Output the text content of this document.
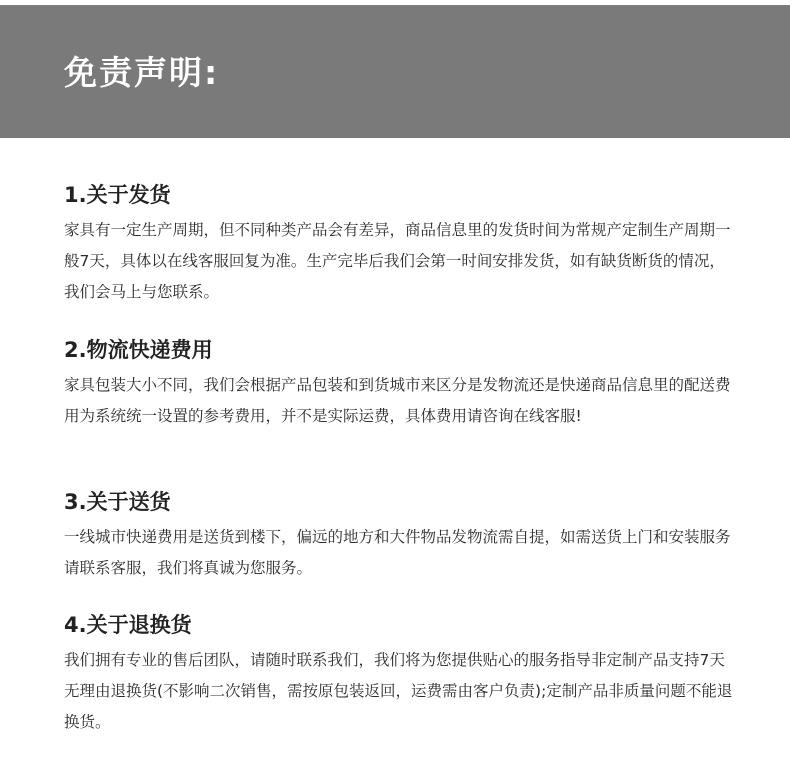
免责声明:
1.关于发货

家具有一定生产周期，但不同种类产品会有差异，商品信息里的发货时间为常规产定制生产周期一般7天，具体以在线客服回复为准。生产完毕后我们会第一时间安排发货，如有缺货断货的情况，我们会马上与您联系。

2.物流快递费用

家具包装大小不同，我们会根据产品包装和到货城市来区分是发物流还是快递商品信息里的配送费用为系统统一设置的参考费用，并不是实际运费，具体费用请咨询在线客服!

3.关于送货

一线城市快递费用是送货到楼下，偏远的地方和大件物品发物流需自提，如需送货上门和安装服务请联系客服，我们将真诚为您服务。

4.关于退换货

我们拥有专业的售后团队，请随时联系我们，我们将为您提供贴心的服务指导非定制产品支持7天无理由退换货(不影响二次销售，需按原包装返回，运费需由客户负责);定制产品非质量问题不能退换货。
